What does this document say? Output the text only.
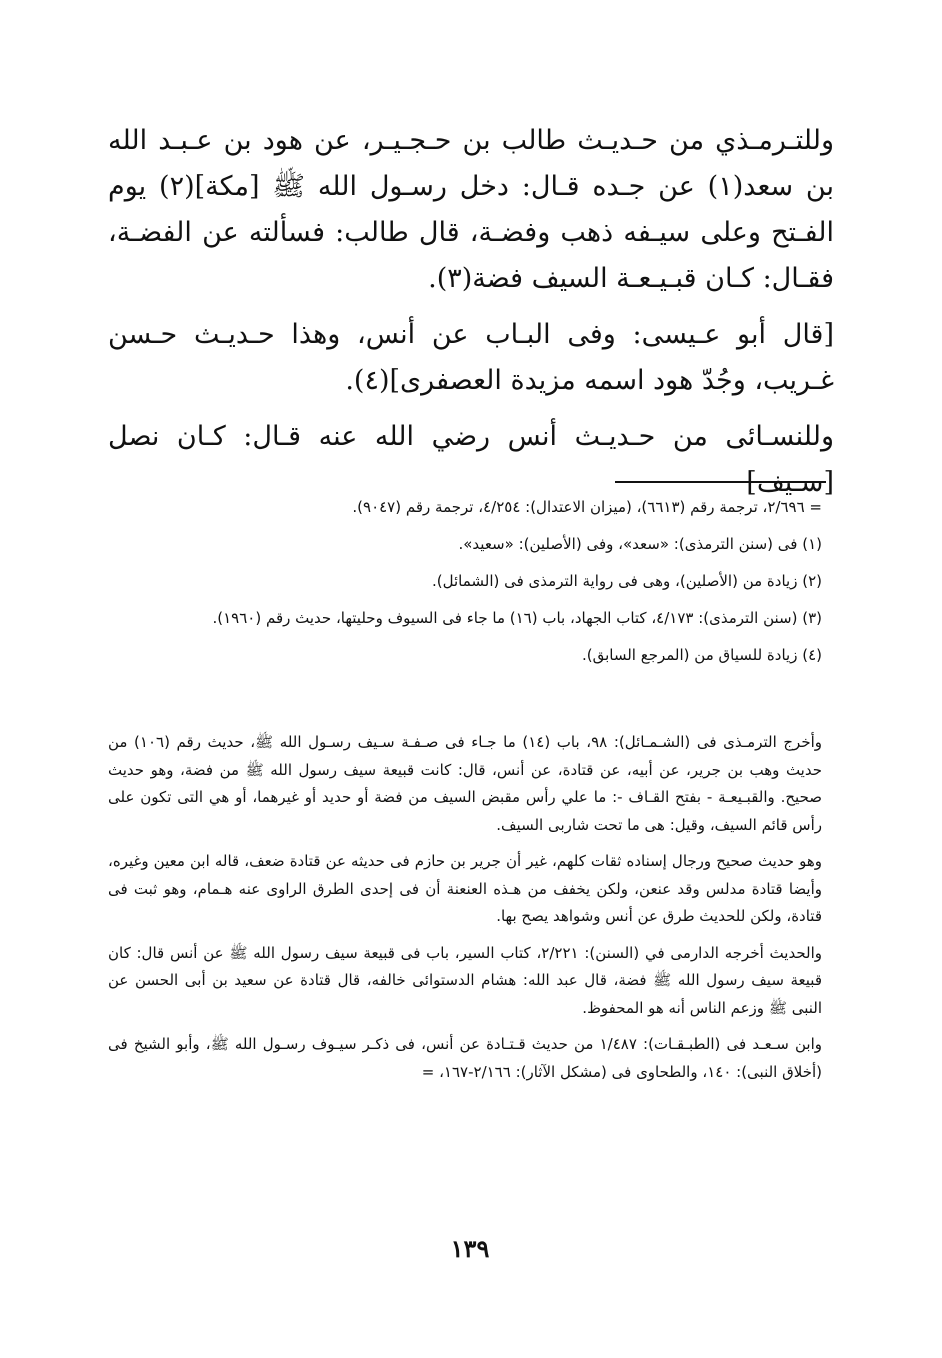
وللتـرمـذي من حـديـث طالب بن حـجـيـر، عن هود بن عـبـد الله بن سعد(١) عن جـده قـال: دخل رسـول الله ﷺ [مكة](٢) يوم الفـتح وعلى سيـفه ذهب وفضـة، قال طالب: فسألته عن الفضـة، فقـال: كـان قبـيـعـة السيف فضة(٣).

[قال أبو عـيسى: وفى البـاب عن أنس، وهذا حـديـث حـسن غـريب، وجُدّ هود اسمه مزيدة العصفرى](٤).

وللنسـائى من حـديـث أنس رضي الله عنه قـال: كـان نصل [سـيف]

= ٢/٦٩٦، ترجمة رقم (٦٦١٣)، (ميزان الاعتدال): ٤/٢٥٤، ترجمة رقم (٩٠٤٧).

(١) فى (سنن الترمذى): «سعد»، وفى (الأصلين): «سعيد».

(٢) زيادة من (الأصلين)، وهى فى رواية الترمذى فى (الشمائل).

(٣) (سنن الترمذى): ٤/١٧٣، كتاب الجهاد، باب (١٦) ما جاء فى السيوف وحليتها، حديث رقم (١٩٦٠).

(٤) زيادة للسياق من (المرجع السابق).

وأخرج الترمـذى فى (الشـمـائل): ٩٨، باب (١٤) ما جـاء فى صـفـة سـيف رسـول الله ﷺ، حديث رقم (١٠٦) من حديث وهب بن جرير، عن أبيه، عن قتادة، عن أنس، قال: كانت قبيعة سيف رسول الله ﷺ من فضة، وهو حديث صحيح. والقبـيعـة - بفتح القـاف -: ما علي رأس مقبض السيف من فضة أو حديد أو غيرهما، أو هي التى تكون على رأس قائم السيف، وقيل: هى ما تحت شاربى السيف.

وهو حديث صحيح ورجال إسناده ثقات كلهم، غير أن جرير بن حازم فى حديثه عن قتادة ضعف، قاله ابن معين وغيره، وأيضا قتادة مدلس وقد عنعن، ولكن يخفف من هـذه العنعنة أن فى إحدى الطرق الراوى عنه هـمام، وهو ثبت فى قتادة، ولكن للحديث طرق عن أنس وشواهد يصح بها.

والحديث أخرجه الدارمى في (السنن): ٢/٢٢١، كتاب السير، باب فى قبيعة سيف رسول الله ﷺ عن أنس قال: كان قبيعة سيف رسول الله ﷺ فضة، قال عبد الله: هشام الدستوائى خالفه، قال قتادة عن سعيد بن أبى الحسن عن النبى ﷺ وزعم الناس أنه هو المحفوظ.

وابن سـعـد فى (الطبـقـات): ١/٤٨٧ من حديث قـتـادة عن أنس، فى ذكـر سيـوف رسـول الله ﷺ، وأبو الشيخ فى (أخلاق النبى): ١٤٠، والطحاوى فى (مشكل الآثار): ٢/١٦٦-١٦٧، =

١٣٩
